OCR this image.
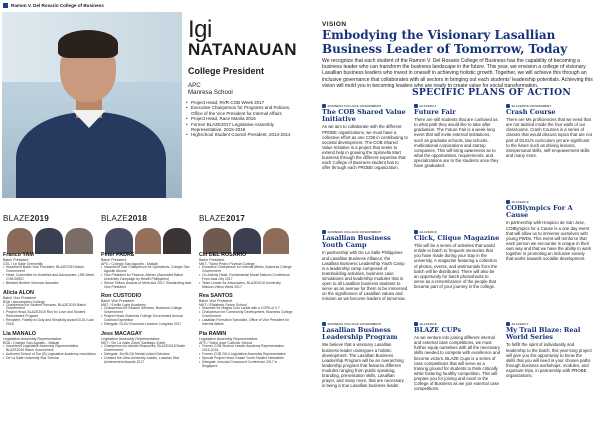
Ramon V. Del Rosario College of Business
Igi
NATANAUAN
College President
APC
Manresa School
• Project Head, RVR-COB Week 2017
• Executive Chairperson for Programs and Policies, Office of the Vice President for Internal Affairs
• Project Head, Race Manila 2016
• Former BLAZE2017 Legislative Assembly Representative, 2015-2016
• Highschool Student Council President, 2013-2014
BLAZE2019	BLAZE2018	BLAZE2017
Franco YAM
Batch President
CSL / Le Salle Greenhills
• Incumbent Batch Vice President, BLAZE2019 Batch Government
• Head, Committee for Activities and Advocacies, LSB Week, COB-BSED
• Blessed Brother Solomon Awardee
Alicia ALON
Batch Vice President
BSA / Assumption College
• Chairperson for Student Services, BLAZE2019 Batch Government
• Project Head, BLAZE2019 Run for Love and Student Recruitment Program
• Recipient, Fidelity to Duty and Simplicity Award DLSU Law 2018
Lia MANALO
Legislative Assembly Representative
BSA / Colegio San Agustin - Makati
• Incumbent Legislative Assembly Representative, BLAZE2019 Batch Government
• Authored School of Toe (B) Legislative Academy resolutions
• De La Salle University Star Scholar
Peter PADRE
Batch President
APC / Colegio San Agustin - Makati
• Incumbent Vice Chairperson for Operations, Colegio San Agustin Alumni
• Vice President for Finance, Ateneo (Ascended Batch University Campaign by Health Philippines)
• Senior Fellow, Awards of Merit and 2017 Outstanding Asst. Vice President
Ron CUSTODIO
Batch Vice President
MKT / Emilio Light Academy
• Chairperson for Student Services, Business College Government
• Project Head, Business College Government Annual Cosmos Expedition
• Delegate, DLSU Economic Leaders Congress 2017
Jess MACAGAY
Legislative Assembly Representative
MKT / De La Salle Zobel Santiago Zobel
• Chairperson for Artistic Resources, BLAZE2018 Batch Government
• Delegate, 3rd BLSU Medal-Linked Scholars
• Created the Ultra University Ladder, Luzarian Stat Achievement Awards 2017
Cel DEL ROSARIO
Batch President
MKT / Saint Pedro Poveda College
• Executive Chairperson for Internal Affairs, Business College Government
• Co-Activity Head, Fundamental Model Nations Conference From Asia City 2017
• Team Leader for Advocacies, BLAZE2018 University Mission-Vision Week 2017
Rea SANTOS
Batch Vice President
MKT / Elizabeth Seton School
• Nominee for Magna Cum Laude with a CGPA of 3.7
• Chairperson for Community Development, Business College Government
• Lasallian Formation Specialist, Office of Vice President for Internal Affairs
Pia RAMIN
Legislative Assembly Representative
APC / Saint Jude Catholic School
• Former COB Student Leader Academy Representative 2015-2016
• Former COB 2014 Legislative Assembly Representative
• Special Project Head, Kasari Youth Student Newsletter
• Delegate, Ironclad Crossword Conference 2017 in Singapore
VISION
Embodying the Visionary Lasallian Business Leader of Tomorrow, Today
We recognize that each student of the Ramon V. Del Rosario College of Business has the capability of becoming a business leader who can transform the business landscape in the future. This year, we envision a college of visionary Lasallian business leaders who invest in oneself in achieving holistic growth. Together, we will achieve this through an inclusive governance that collaborates with all sectors in bringing out each students' leadership potentials. Achieving this vision will mold you in becoming leaders who are ready to create value for social transformation.
SPECIFIC PLANS OF ACTION
BUSINESS COLLEGE GOVERNMENT
The COB Shared Value Initiative
As we aim to collaborate with the different PROBE organizations, we must have a collective effort as one COB in contributing to societal development. The COB Shared Value Initiative is a project that seeks to extend help in growing the Spinnella Mart business through the different expertise that each College of Business student has to offer through each PROBE organization.
BUSINESS COLLEGE GOVERNMENT
Lasallian Business Youth Camp
In partnership with De La Salle Philippines and Lasallian Business Alliance, the Lasallian Business Leadership Youth Camp is a leadership camp composed of teambuilding activities, business case simulations and leadership modules that is open to all Lasallian business students to serve as an avenue for them to be immersed on the significance of Lasallian values and mission as we become leaders of tomorrow.
BUSINESS COLLEGE GOVERNMENT
Lasallian Business Leadership Program
We believe that a visionary Lasallian business leader undergoes a holistic development. The Lasallian Business Leadership Program will be an overarching leadership program that features different modules ranging from public speaking, branding, presentation skills, Lasallian prayer, and many more, that are necessary in being a true Lasallian business leader.
BLAZE2017
Future Fair
There are still students that are confused as to what path they would like to take after graduation. The Future Fair is a week-long event that will invite external institutions, such as graduate schools, law schools, multinational corporations and startup companies. This will bring awareness as to what the opportunities, requirements, and specializations are to the students once they have graduated.
BLAZE2018
Click, Clique Magazine
This will be a series of activities that would enlisle to batch to frequent memories that you have made during your stay in the university. A magazine featuring a collection of photos, events, and testimonials from the batch will be distributed. There will also be an opportunity for batch photoshoots to serve as a remembrance of the people that became part of your journey in the college.
BLAZE2018
BLAZE CUPs
As we venture into joining different internal and external case competitions, we must further equip ourselves with all the necessary skills needed to compete with excellence and become victors. BLAZE Cups is a series of case competitions that will serve as a training ground for students to think critically while fostering healthy competition. This will prepare you for joining and excel to the College of Business as we join external case competitions.
BLAZE2018 GOVERNMENT
Crash Course
There are Ms proficiencies that we need that are not tackled inside the four walls of our classrooms. Crash Courses is a series of classes that would discuss topics that are not part of DLSU's curriculum yet are significant to the future such as driving lessons, interpersonal skills, self-empowerment skills and many more.
BLAZE2019
COBlympics For A Cause
In partnership with Hospicio de San Jose, COBlympics for a Cause is a one day event that will allow us to immerse ourselves with young PWDs. This event will reinforce that each person we encounter is unique in their own way and that we have the ability to work together in promoting an inclusive society that works towards socialite development.
BLAZE2017
My Trail Blaze: Real World Series
To fulfill the spirit of individuality and leadership to the batch, this year-long project will give you the opportunity to know the skills that you will need in your chosen paths through business workshops, modules, and exposure trips, in partnership with PROBE organizations.
